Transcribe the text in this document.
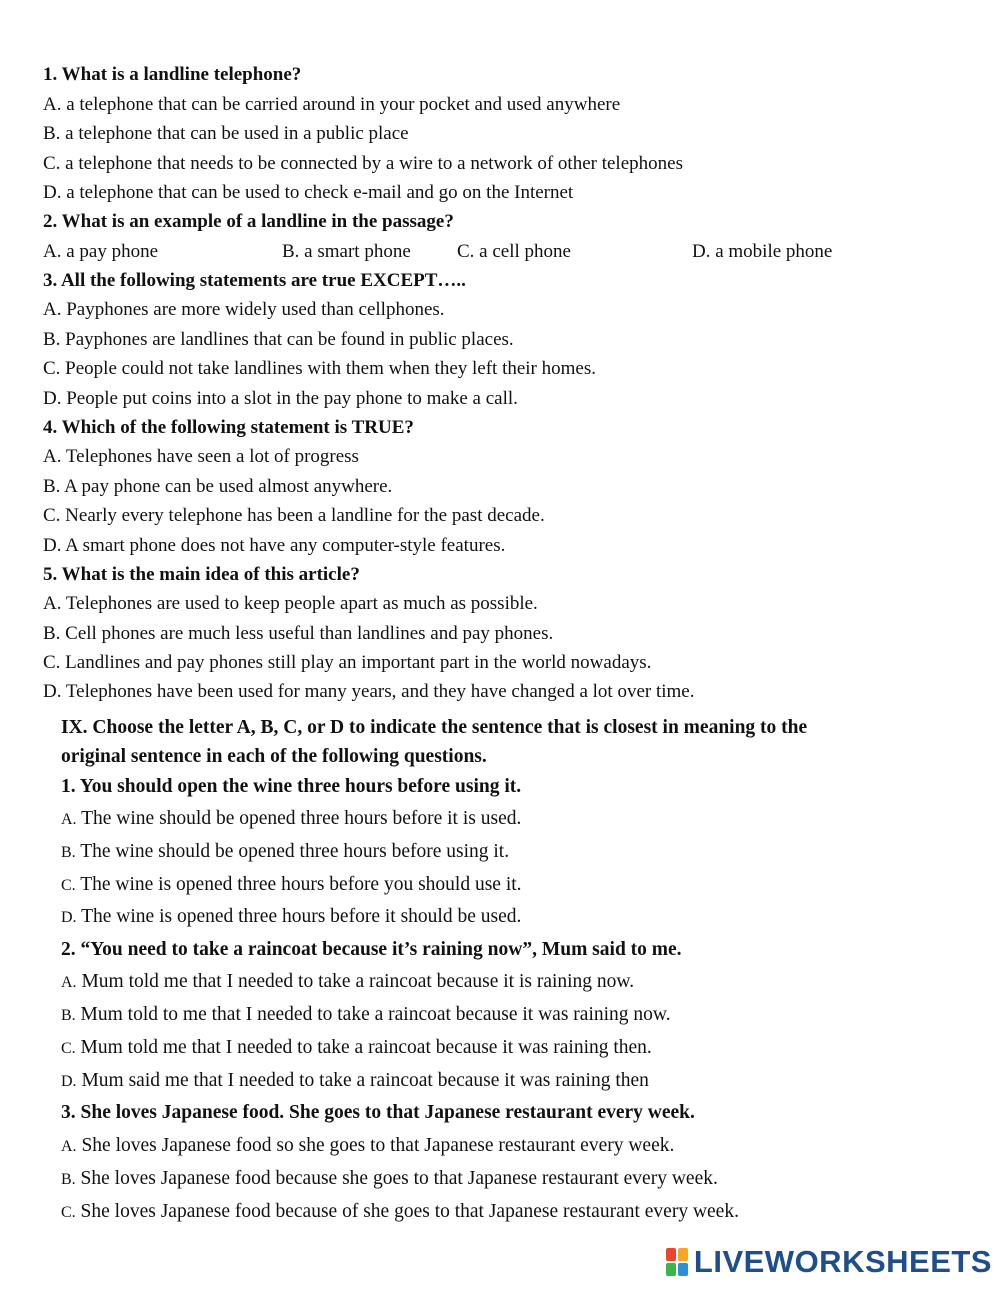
1. What is a landline telephone?
A. a telephone that can be carried around in your pocket and used anywhere
B. a telephone that can be used in a public place
C. a telephone that needs to be connected by a wire to a network of other telephones
D. a telephone that can be used to check e-mail and go on the Internet
2. What is an example of a landline in the passage?
A. a pay phone	B. a smart phone C. a cell phone	D. a mobile phone
3. All the following statements are true EXCEPT…..
A. Payphones are more widely used than cellphones.
B. Payphones are landlines that can be found in public places.
C. People could not take landlines with them when they left their homes.
D. People put coins into a slot in the pay phone to make a call.
4. Which of the following statement is TRUE?
A. Telephones have seen a lot of progress
B. A pay phone can be used almost anywhere.
C. Nearly every telephone has been a landline for the past decade.
D. A smart phone does not have any computer-style features.
5. What is the main idea of this article?
A. Telephones are used to keep people apart as much as possible.
B. Cell phones are much less useful than landlines and pay phones.
C. Landlines and pay phones still play an important part in the world nowadays.
D. Telephones have been used for many years, and they have changed a lot over time.
IX. Choose the letter A, B, C, or D to indicate the sentence that is closest in meaning to the
original sentence in each of the following questions.
1. You should open the wine three hours before using it.
A. The wine should be opened three hours before it is used.
B. The wine should be opened three hours before using it.
C. The wine is opened three hours before you should use it.
D. The wine is opened three hours before it should be used.
2. “You need to take a raincoat because it’s raining now”, Mum said to me.
A. Mum told me that I needed to take a raincoat because it is raining now.
B. Mum told to me that I needed to take a raincoat because it was raining now.
C. Mum told me that I needed to take a raincoat because it was raining then.
D. Mum said me that I needed to take a raincoat because it was raining then
3. She loves Japanese food. She goes to that Japanese restaurant every week.
A. She loves Japanese food so she goes to that Japanese restaurant every week.
B. She loves Japanese food because she goes to that Japanese restaurant every week.
C. She loves Japanese food because of she goes to that Japanese restaurant every week.
LIVEWORKSHEETS
